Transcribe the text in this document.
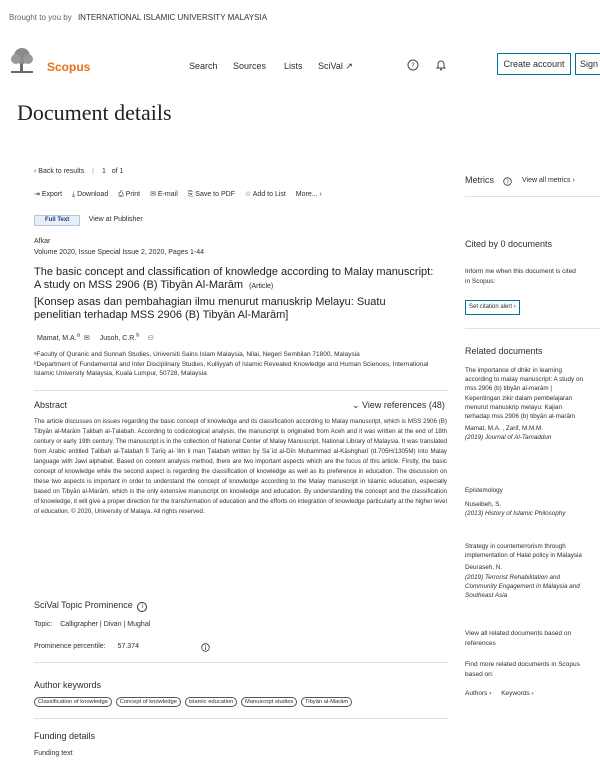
Brought to you by INTERNATIONAL ISLAMIC UNIVERSITY MALAYSIA
Scopus	Search Sources Lists SciVal ↗	?	Create account	Sign
Document details
‹ Back to results | 1 of 1
⇥ Export ⤓ Download ⎙ Print ✉ E-mail ⎘ Save to PDF ☆ Add to List More... ›
Full Text	View at Publisher
Afkar
Volume 2020, Issue Special Issue 2, 2020, Pages 1-44
The basic concept and classification of knowledge according to Malay manuscript: A study on MSS 2906 (B) Tibyān Al-Marām (Article)
[Konsep asas dan pembahagian ilmu menurut manuskrip Melayu: Suatu penelitian terhadap MSS 2906 (B) Tibyān Al-Marām]
Mamat, M.A.$^a$ ✉ Jusoh, C.R.$^b$ ⚇
ᵃFaculty of Quranic and Sunnah Studies, Universiti Sains Islam Malaysia, Nilai, Negeri Sembilan 71800, Malaysia
ᵇDepartment of Fundamental and Inter Disciplinary Studies, Kulliyyah of Islamic Revealed Knowledge and Human Sciences, International Islamic University Malaysia, Kuala Lumpur, 50728, Malaysia
Abstract	⌄ View references (48)
The article discusses on issues regarding the basic concept of knowledge and its classification according to Malay manuscript, which is MSS 2906 (B) Tibyān al-Marām Ṭalibah al-Ṭalabah. According to codicological analysis, the manuscript is originated from Aceh and it was written at the end of 18th century or early 19th century. The manuscript is in the collection of National Center of Malay Manuscript, National Library of Malaysia. It was translated from Arabic entitled Ṭalibah al-Ṭalabah fī Ṭarīq al-ʿIlm li man Ṭalabah written by Saʿīd al-Dīn Muḥammad al-Kāshgharī (d.705H/1305M) into Malay language with Jawi alphabet. Based on content analysis method, there are two important aspects which are the focus of this article. Firstly, the basic concept of knowledge while the second aspect is regarding the classification of knowledge as well as its preference in education. The discussion on these two aspects is important in order to understand the concept of knowledge according to the Malay manuscript in Islamic education, especially based on Tibyān al-Marām, which is the only extensive manuscript on knowledge and education. By understanding the concept and the classification of knowledge, it will give a proper direction for the transformation of education and the efforts on integration of knowledge particularly at the higher level of education. © 2020, University of Malaya. All rights reserved.
SciVal Topic Prominence i
Topic: Calligrapher | Divan | Mughal
Prominence percentile: 57.374
Author keywords
Classification of knowledge Concept of knowledge Islamic education Manuscript studies Tibyān al-Marām
Funding details
Funding text
Metrics ? View all metrics ›
Cited by 0 documents
Inform me when this document is cited in Scopus:
Set citation alert ›
Related documents
The importance of dhikr in learning according to malay manuscript: A study on mss 2906 (b) tibyān al-marām | Kepentingan zikir dalam pembelajaran menurut manuskrip melayu: Kajian terhadap mss 2906 (b) tibyān al-marām
Mamat, M.A. , Zarif, M.M.M.
(2019) Journal of Al-Tamaddun
Epistemology
Nuseibeh, S.
(2013) History of Islamic Philosophy
Strategy in counterterrorism through implementation of Halal policy in Malaysia
Deuraseh, N.
(2019) Terrorist Rehabilitation and Community Engagement in Malaysia and Southeast Asia
View all related documents based on references
Find more related documents in Scopus based on:
Authors › Keywords ›
